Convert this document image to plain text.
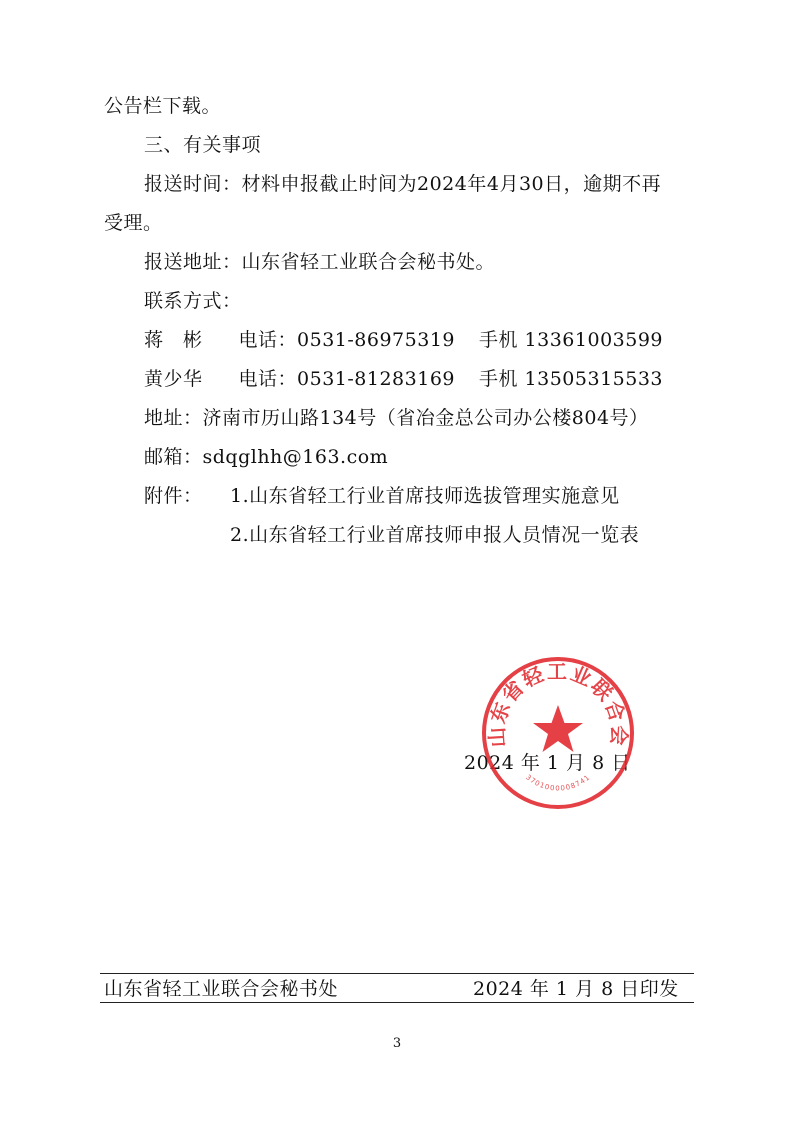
公告栏下载。
三、有关事项
报送时间：材料申报截止时间为2024年4月30日，逾期不再
受理。
报送地址：山东省轻工业联合会秘书处。
联系方式：
蒋　彬 电话：0531-86975319 手机 13361003599
黄少华 电话：0531-81283169 手机 13505315533
地址：济南市历山路134号（省冶金总公司办公楼804号）
邮箱：sdqglhh@163.com
附件： 1.山东省轻工行业首席技师选拔管理实施意见
2.山东省轻工行业首席技师申报人员情况一览表
2024 年 1 月 8 日
山东省轻工业联合会
3701000008741
山东省轻工业联合会秘书处	2024 年 1 月 8 日印发
3
